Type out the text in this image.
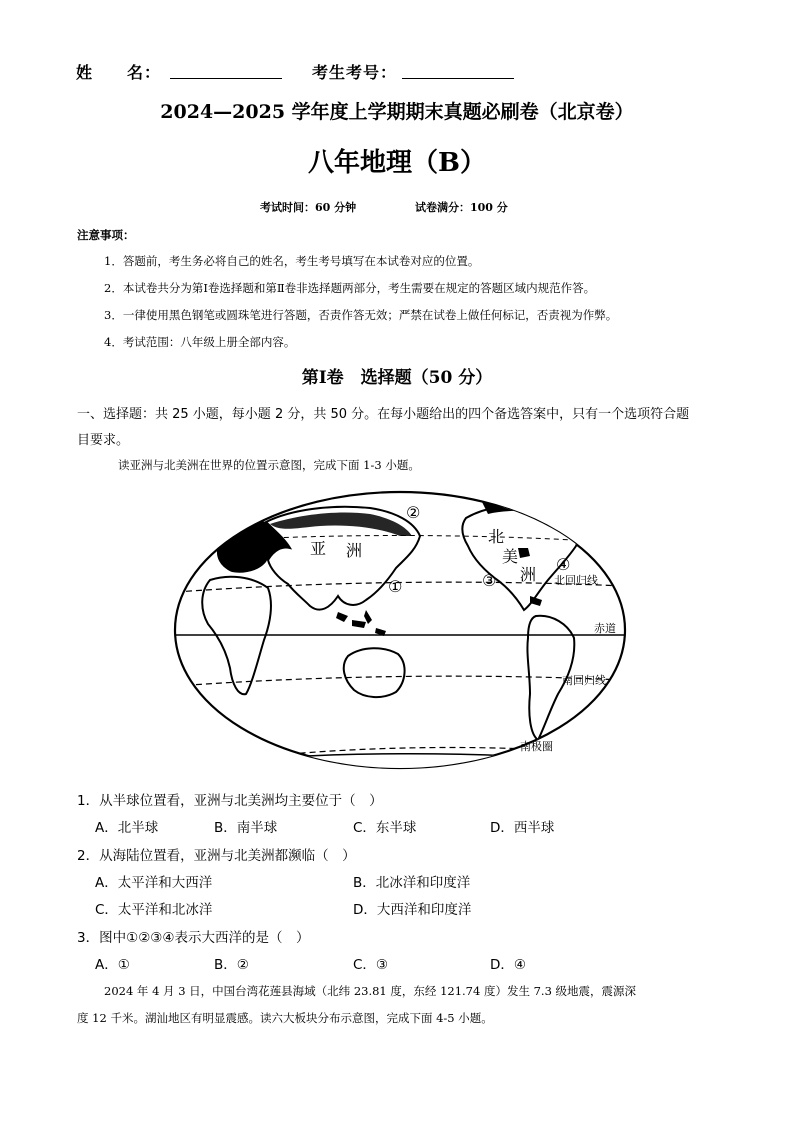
姓　　名：	考生考号：
2024—2025 学年度上学期期末真题必刷卷（北京卷）
八年地理（B）
考试时间：60 分钟	试卷满分：100 分
注意事项：
1．答题前，考生务必将自己的姓名，考生考号填写在本试卷对应的位置。
2．本试卷共分为第Ⅰ卷选择题和第Ⅱ卷非选择题两部分，考生需要在规定的答题区域内规范作答。
3．一律使用黑色钢笔或圆珠笔进行答题，否责作答无效；严禁在试卷上做任何标记，否责视为作弊。
4．考试范围：八年级上册全部内容。
第Ⅰ卷　选择题（50 分）
一、选择题：共 25 小题，每小题 2 分，共 50 分。在每小题给出的四个备选答案中，只有一个选项符合题
目要求。
读亚洲与北美洲在世界的位置示意图，完成下面 1-3 小题。
亚 洲
北
美
洲
①
②
③
④
北回归线
赤道
南回归线
南极圈
1．从半球位置看，亚洲与北美洲均主要位于（　）
A．北半球	B．南半球	C．东半球	D．西半球
2．从海陆位置看，亚洲与北美洲都濒临（　）
A．太平洋和大西洋	B．北冰洋和印度洋
C．太平洋和北冰洋	D．大西洋和印度洋
3．图中①②③④表示大西洋的是（　）
A．①	B．②	C．③	D．④
2024 年 4 月 3 日，中国台湾花莲县海域（北纬 23.81 度，东经 121.74 度）发生 7.3 级地震，震源深
度 12 千米。湖汕地区有明显震感。读六大板块分布示意图，完成下面 4-5 小题。
